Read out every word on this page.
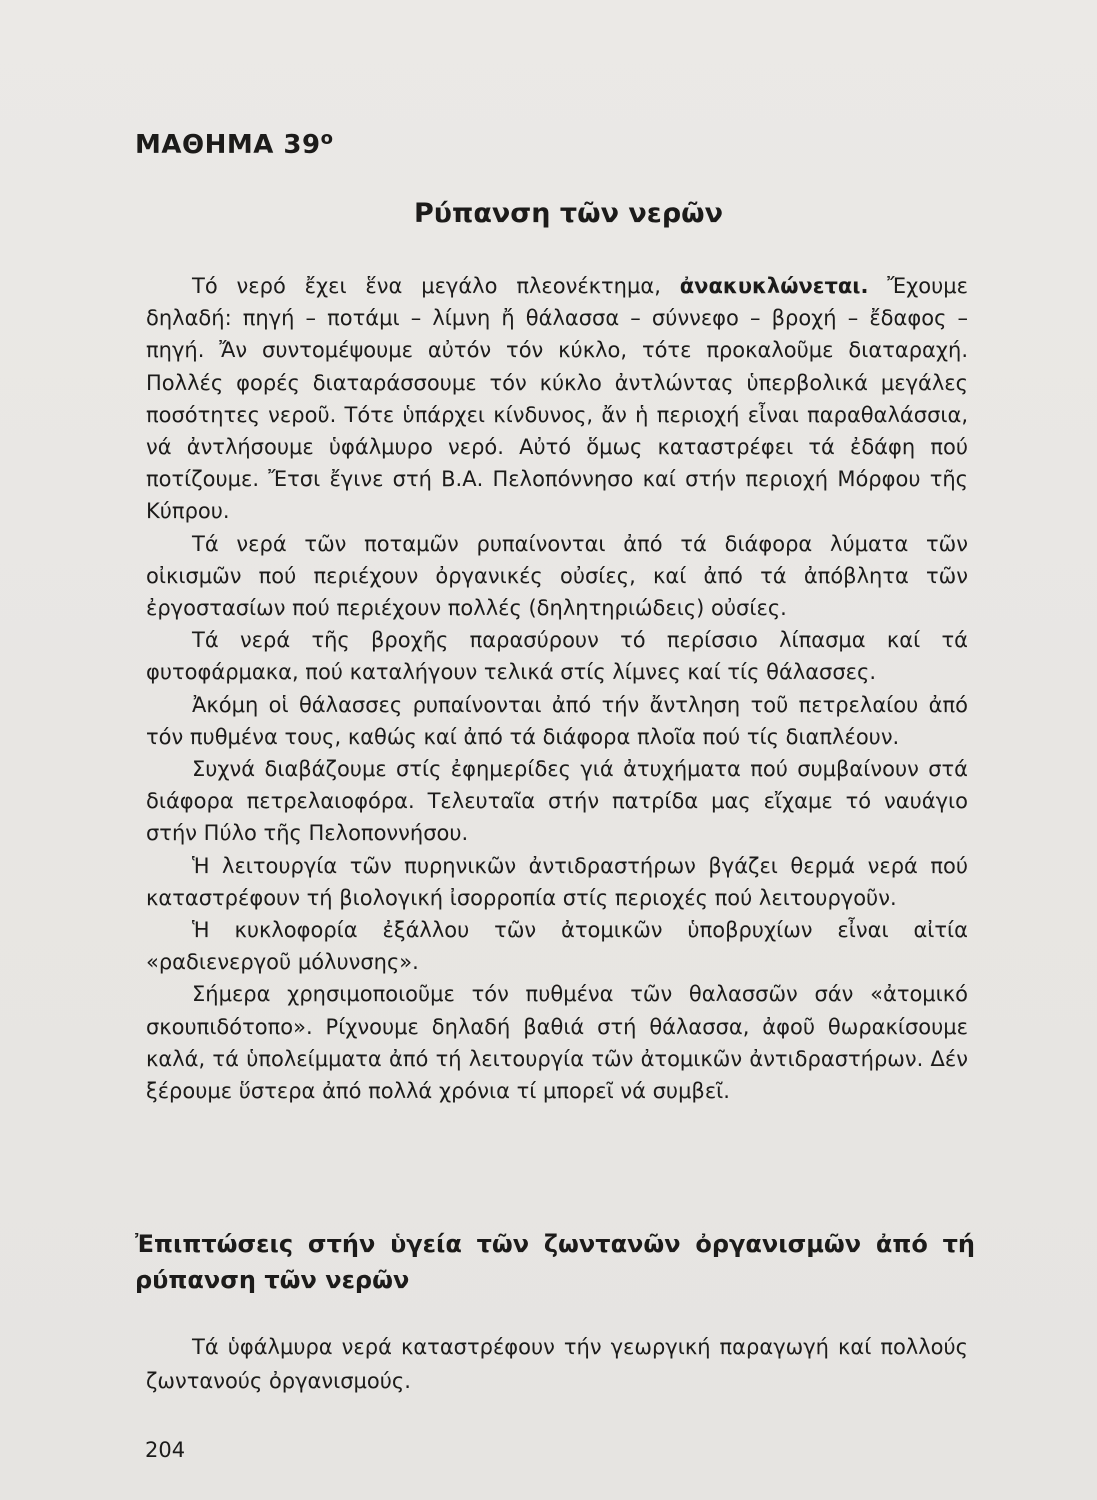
ΜΑΘΗΜΑ $39^o$
Ρύπανση τῶν νερῶν

Τό νερό ἔχει ἕνα μεγάλο πλεονέκτημα, ἀνακυκλώνεται. Ἔχουμε δηλαδή: πηγή – ποτάμι – λίμνη ἤ θάλασσα – σύννεφο – βροχή – ἔδαφος – πηγή. Ἄν συντομέψουμε αὐτόν τόν κύκλο, τότε προκαλοῦμε διαταραχή. Πολλές φορές διαταράσσουμε τόν κύκλο ἀντλώντας ὑπερβολικά μεγάλες ποσότητες νεροῦ. Τότε ὑπάρχει κίνδυνος, ἄν ἡ περιοχή εἶναι παραθαλάσσια, νά ἀντλήσουμε ὑφάλμυρο νερό. Αὐτό ὅμως καταστρέφει τά ἐδάφη πού ποτίζουμε. Ἔτσι ἔγινε στή Β.Α. Πελοπόννησο καί στήν περιοχή Μόρφου τῆς Κύπρου.

Τά νερά τῶν ποταμῶν ρυπαίνονται ἀπό τά διάφορα λύματα τῶν οἰκισμῶν πού περιέχουν ὀργανικές οὐσίες, καί ἀπό τά ἀπόβλητα τῶν ἐργοστασίων πού περιέχουν πολλές (δηλητηριώδεις) οὐσίες.

Τά νερά τῆς βροχῆς παρασύρουν τό περίσσιο λίπασμα καί τά φυτοφάρμακα, πού καταλήγουν τελικά στίς λίμνες καί τίς θάλασσες.

Ἀκόμη οἱ θάλασσες ρυπαίνονται ἀπό τήν ἄντληση τοῦ πετρελαίου ἀπό τόν πυθμένα τους, καθώς καί ἀπό τά διάφορα πλοῖα πού τίς διαπλέουν.

Συχνά διαβάζουμε στίς ἐφημερίδες γιά ἀτυχήματα πού συμβαίνουν στά διάφορα πετρελαιοφόρα. Τελευταῖα στήν πατρίδα μας εἴχαμε τό ναυάγιο στήν Πύλο τῆς Πελοποννήσου.

Ἡ λειτουργία τῶν πυρηνικῶν ἀντιδραστήρων βγάζει θερμά νερά πού καταστρέφουν τή βιολογική ἰσορροπία στίς περιοχές πού λειτουργοῦν.

Ἡ κυκλοφορία ἐξάλλου τῶν ἀτομικῶν ὑποβρυχίων εἶναι αἰτία «ραδιενεργοῦ μόλυνσης».

Σήμερα χρησιμοποιοῦμε τόν πυθμένα τῶν θαλασσῶν σάν «ἀτομικό σκουπιδότοπο». Ρίχνουμε δηλαδή βαθιά στή θάλασσα, ἀφοῦ θωρακίσουμε καλά, τά ὑπολείμματα ἀπό τή λειτουργία τῶν ἀτομικῶν ἀντιδραστήρων. Δέν ξέρουμε ὕστερα ἀπό πολλά χρόνια τί μπορεῖ νά συμβεῖ.

Ἐπιπτώσεις στήν ὑγεία τῶν ζωντανῶν ὀργανισμῶν ἀπό τή ρύπανση τῶν νερῶν

Τά ὑφάλμυρα νερά καταστρέφουν τήν γεωργική παραγωγή καί πολλούς ζωντανούς ὀργανισμούς.

204
